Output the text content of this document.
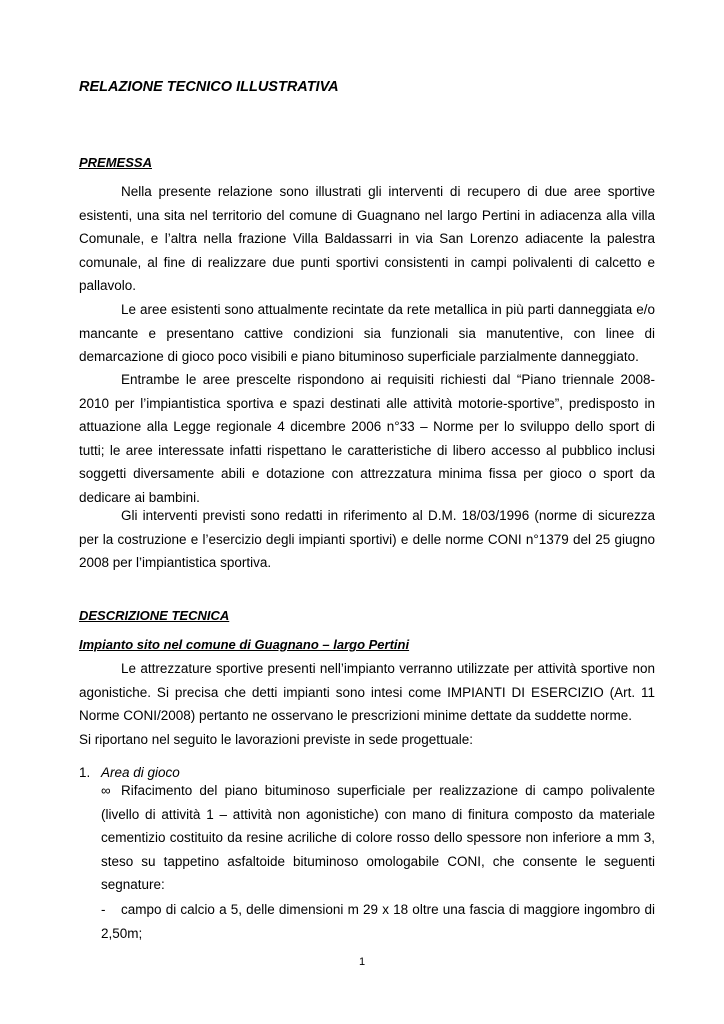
RELAZIONE TECNICO ILLUSTRATIVA
PREMESSA
Nella presente relazione sono illustrati gli interventi di recupero di due aree sportive esistenti, una sita nel territorio del comune di Guagnano nel largo Pertini in adiacenza alla villa Comunale, e l’altra nella frazione Villa Baldassarri in via San Lorenzo adiacente la palestra comunale, al fine di realizzare due punti sportivi consistenti in campi polivalenti di calcetto e pallavolo.
Le aree esistenti sono attualmente recintate da rete metallica in più parti danneggiata e/o mancante e presentano cattive condizioni sia funzionali sia manutentive, con linee di demarcazione di gioco poco visibili e piano bituminoso superficiale parzialmente danneggiato.
Entrambe le aree prescelte rispondono ai requisiti richiesti dal “Piano triennale 2008-2010 per l’impiantistica sportiva e spazi destinati alle attività motorie-sportive”, predisposto in attuazione alla Legge regionale 4 dicembre 2006 n°33 – Norme per lo sviluppo dello sport di tutti; le aree interessate infatti rispettano le caratteristiche di libero accesso al pubblico inclusi soggetti diversamente abili e dotazione con attrezzatura minima fissa per gioco o sport da dedicare ai bambini.
Gli interventi previsti sono redatti in riferimento al D.M. 18/03/1996 (norme di sicurezza per la costruzione e l’esercizio degli impianti sportivi) e delle norme CONI n°1379 del 25 giugno 2008 per l’impiantistica sportiva.
DESCRIZIONE TECNICA
Impianto sito nel comune di Guagnano – largo Pertini
Le attrezzature sportive presenti nell’impianto verranno utilizzate per attività sportive non agonistiche. Si precisa che detti impianti sono intesi come IMPIANTI DI ESERCIZIO (Art. 11 Norme CONI/2008) pertanto ne osservano le prescrizioni minime dettate da suddette norme.
Si riportano nel seguito le lavorazioni previste in sede progettuale:
1. Area di gioco
∞ Rifacimento del piano bituminoso superficiale per realizzazione di campo polivalente (livello di attività 1 – attività non agonistiche) con mano di finitura composto da materiale cementizio costituito da resine acriliche di colore rosso dello spessore non inferiore a mm 3, steso su tappetino asfaltoide bituminoso omologabile CONI, che consente le seguenti segnature:
-	campo di calcio a 5, delle dimensioni m 29 x 18 oltre una fascia di maggiore ingombro di 2,50m;
1
